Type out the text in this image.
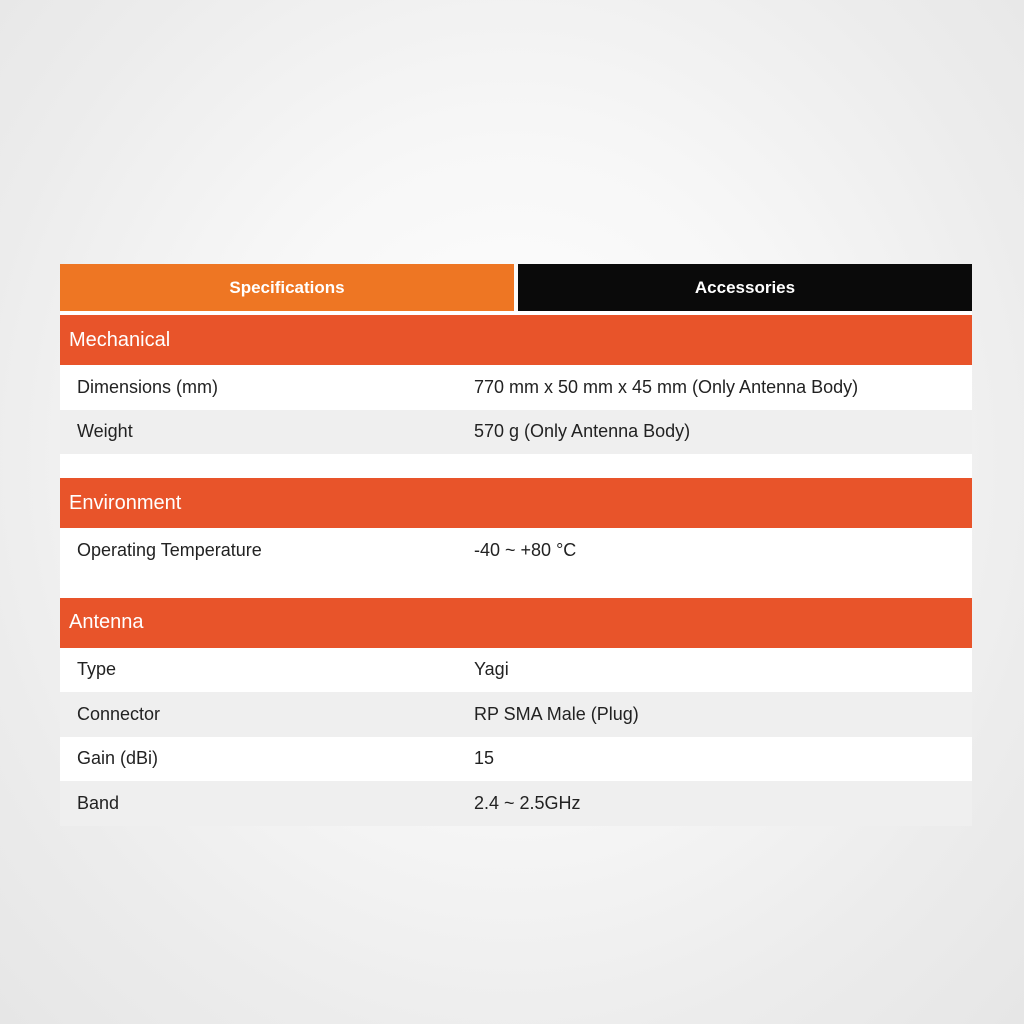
Specifications	Accessories
Mechanical
Dimensions (mm)	770 mm x 50 mm x 45 mm (Only Antenna Body)
Weight	570 g (Only Antenna Body)
Environment
Operating Temperature	-40 ~ +80 °C
Antenna
Type	Yagi
Connector	RP SMA Male (Plug)
Gain (dBi)	15
Band	2.4 ~ 2.5GHz
